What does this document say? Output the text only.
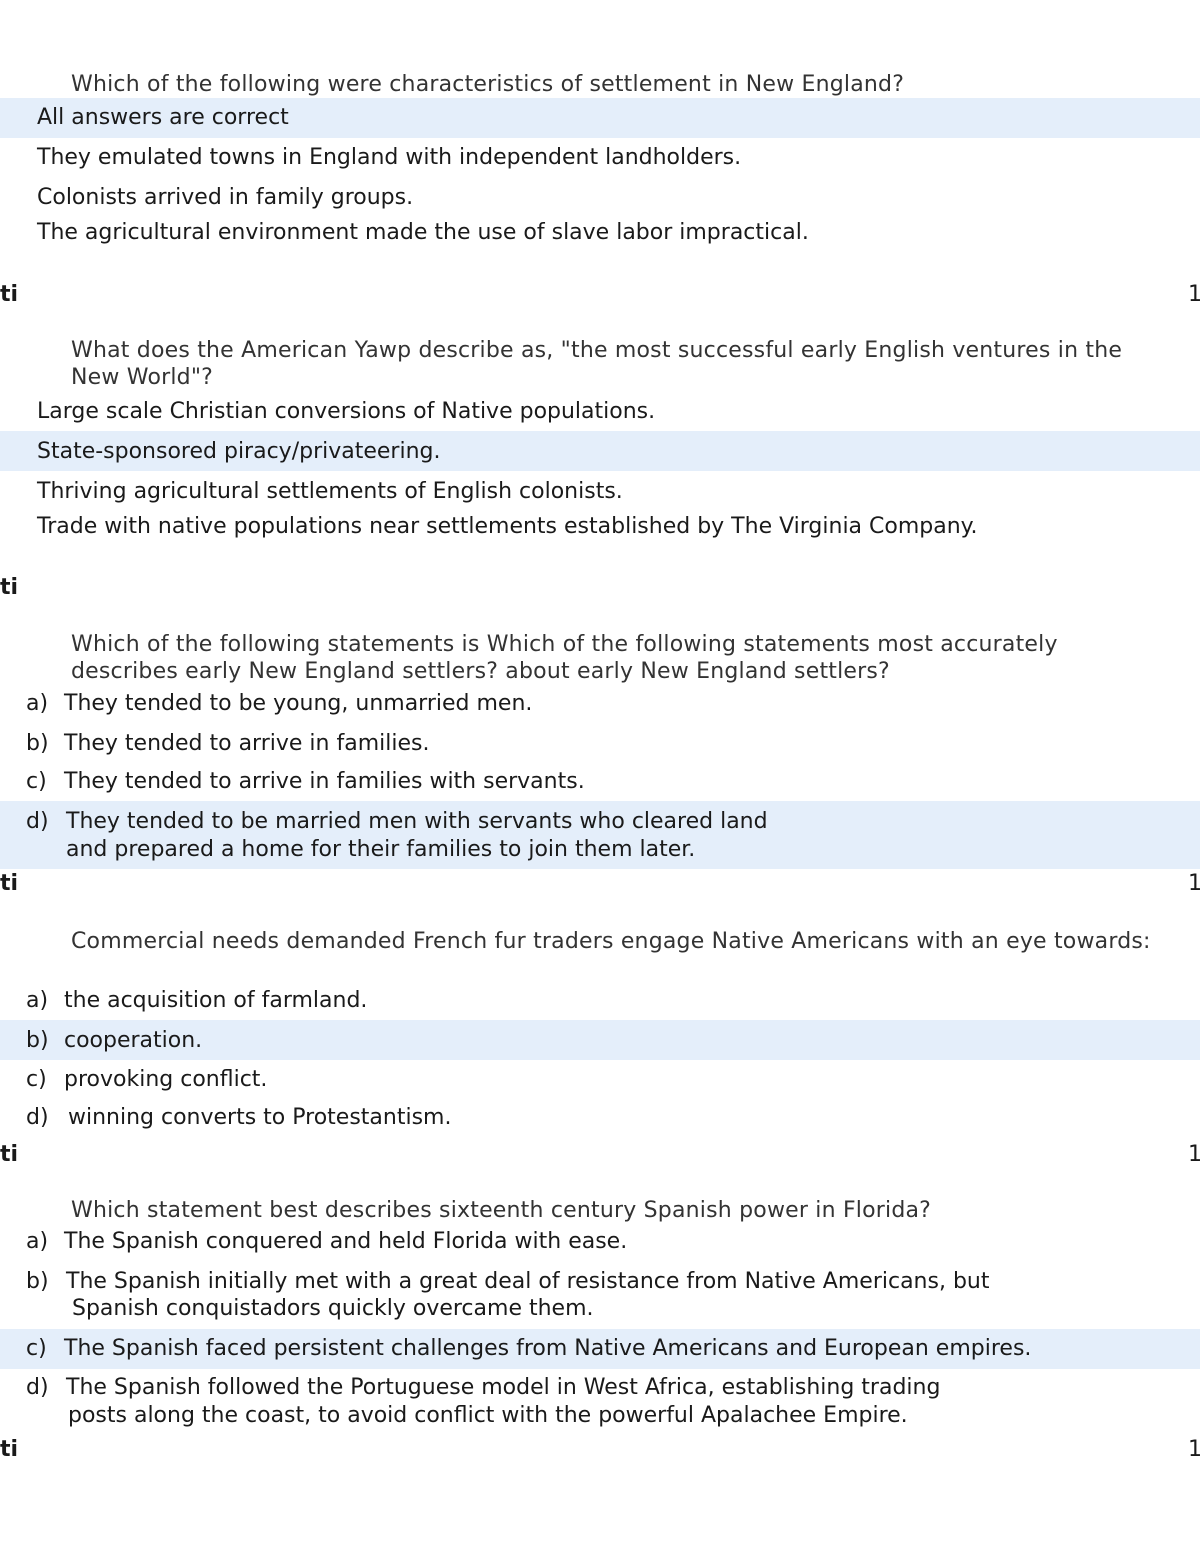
Which of the following were characteristics of settlement in New England?
All answers are correct
They emulated towns in England with independent landholders.
Colonists arrived in family groups.
The agricultural environment made the use of slave labor impractical.
ti	1
What does the American Yawp describe as, "the most successful early English ventures in the New World"?
Large scale Christian conversions of Native populations.
State-sponsored piracy/privateering.
Thriving agricultural settlements of English colonists.
Trade with native populations near settlements established by The Virginia Company.
ti
Which of the following statements is Which of the following statements most accurately describes early New England settlers? about early New England settlers?
a) They tended to be young, unmarried men.
b) They tended to arrive in families.
c) They tended to arrive in families with servants.
d) They tended to be married men with servants who cleared land
and prepared a home for their families to join them later.
ti	1
Commercial needs demanded French fur traders engage Native Americans with an eye towards:
a) the acquisition of farmland.
b) cooperation.
c) provoking conflict.
d) winning converts to Protestantism.
ti	1
Which statement best describes sixteenth century Spanish power in Florida?
a) The Spanish conquered and held Florida with ease.
b) The Spanish initially met with a great deal of resistance from Native Americans, but
Spanish conquistadors quickly overcame them.
c) The Spanish faced persistent challenges from Native Americans and European empires.
d) The Spanish followed the Portuguese model in West Africa, establishing trading
posts along the coast, to avoid conflict with the powerful Apalachee Empire.
ti	1
